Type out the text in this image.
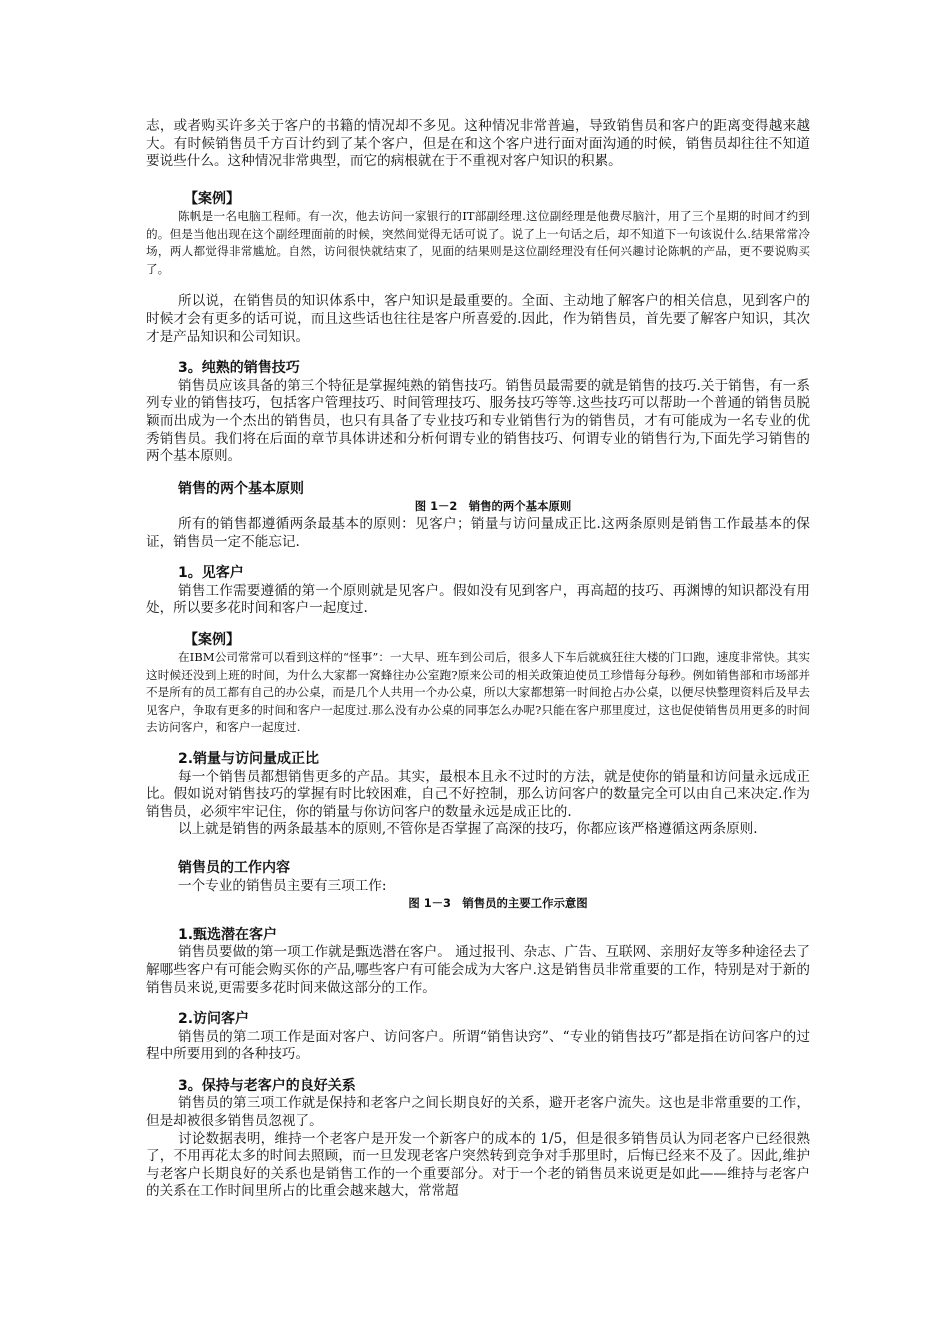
志，或者购买许多关于客户的书籍的情况却不多见。这种情况非常普遍，导致销售员和客户的距离变得越来越大。有时候销售员千方百计约到了某个客户，但是在和这个客户进行面对面沟通的时候，销售员却往往不知道要说些什么。这种情况非常典型，而它的病根就在于不重视对客户知识的积累。

【案例】

陈帆是一名电脑工程师。有一次，他去访问一家银行的IT部副经理.这位副经理是他费尽脑汁，用了三个星期的时间才约到的。但是当他出现在这个副经理面前的时候，突然间觉得无话可说了。说了上一句话之后，却不知道下一句该说什么.结果常常冷场，两人都觉得非常尴尬。自然，访问很快就结束了，见面的结果则是这位副经理没有任何兴趣讨论陈帆的产品，更不要说购买了。

所以说，在销售员的知识体系中，客户知识是最重要的。全面、主动地了解客户的相关信息，见到客户的时候才会有更多的话可说，而且这些话也往往是客户所喜爱的.因此，作为销售员，首先要了解客户知识，其次才是产品知识和公司知识。

3。纯熟的销售技巧

销售员应该具备的第三个特征是掌握纯熟的销售技巧。销售员最需要的就是销售的技巧.关于销售，有一系列专业的销售技巧，包括客户管理技巧、时间管理技巧、服务技巧等等.这些技巧可以帮助一个普通的销售员脱颖而出成为一个杰出的销售员，也只有具备了专业技巧和专业销售行为的销售员，才有可能成为一名专业的优秀销售员。我们将在后面的章节具体讲述和分析何谓专业的销售技巧、何谓专业的销售行为,下面先学习销售的两个基本原则。

销售的两个基本原则

图 1－2　销售的两个基本原则

所有的销售都遵循两条最基本的原则：见客户；销量与访问量成正比.这两条原则是销售工作最基本的保证，销售员一定不能忘记.

1。见客户

销售工作需要遵循的第一个原则就是见客户。假如没有见到客户，再高超的技巧、再渊博的知识都没有用处，所以要多花时间和客户一起度过.

【案例】

在IBM公司常常可以看到这样的“怪事”：一大早、班车到公司后，很多人下车后就疯狂往大楼的门口跑，速度非常快。其实这时候还没到上班的时间，为什么大家都一窝蜂往办公室跑?原来公司的相关政策迫使员工珍惜每分每秒。例如销售部和市场部并不是所有的员工都有自己的办公桌，而是几个人共用一个办公桌，所以大家都想第一时间抢占办公桌，以便尽快整理资料后及早去见客户，争取有更多的时间和客户一起度过.那么没有办公桌的同事怎么办呢?只能在客户那里度过，这也促使销售员用更多的时间去访问客户，和客户一起度过.

2.销量与访问量成正比

每一个销售员都想销售更多的产品。其实，最根本且永不过时的方法，就是使你的销量和访问量永远成正比。假如说对销售技巧的掌握有时比较困难，自己不好控制，那么访问客户的数量完全可以由自己来决定.作为销售员，必须牢牢记住，你的销量与你访问客户的数量永远是成正比的.

以上就是销售的两条最基本的原则,不管你是否掌握了高深的技巧，你都应该严格遵循这两条原则.

销售员的工作内容

一个专业的销售员主要有三项工作:

图 1－3　销售员的主要工作示意图

1.甄选潜在客户

销售员要做的第一项工作就是甄选潜在客户。 通过报刊、杂志、广告、互联网、亲朋好友等多种途径去了解哪些客户有可能会购买你的产品,哪些客户有可能会成为大客户.这是销售员非常重要的工作，特别是对于新的销售员来说,更需要多花时间来做这部分的工作。

2.访问客户

销售员的第二项工作是面对客户、访问客户。所谓“销售诀窍”、“专业的销售技巧”都是指在访问客户的过程中所要用到的各种技巧。

3。保持与老客户的良好关系

销售员的第三项工作就是保持和老客户之间长期良好的关系，避开老客户流失。这也是非常重要的工作，但是却被很多销售员忽视了。

讨论数据表明，维持一个老客户是开发一个新客户的成本的 1/5，但是很多销售员认为同老客户已经很熟了，不用再花太多的时间去照顾，而一旦发现老客户突然转到竞争对手那里时，后悔已经来不及了。因此,维护与老客户长期良好的关系也是销售工作的一个重要部分。对于一个老的销售员来说更是如此——维持与老客户的关系在工作时间里所占的比重会越来越大，常常超
